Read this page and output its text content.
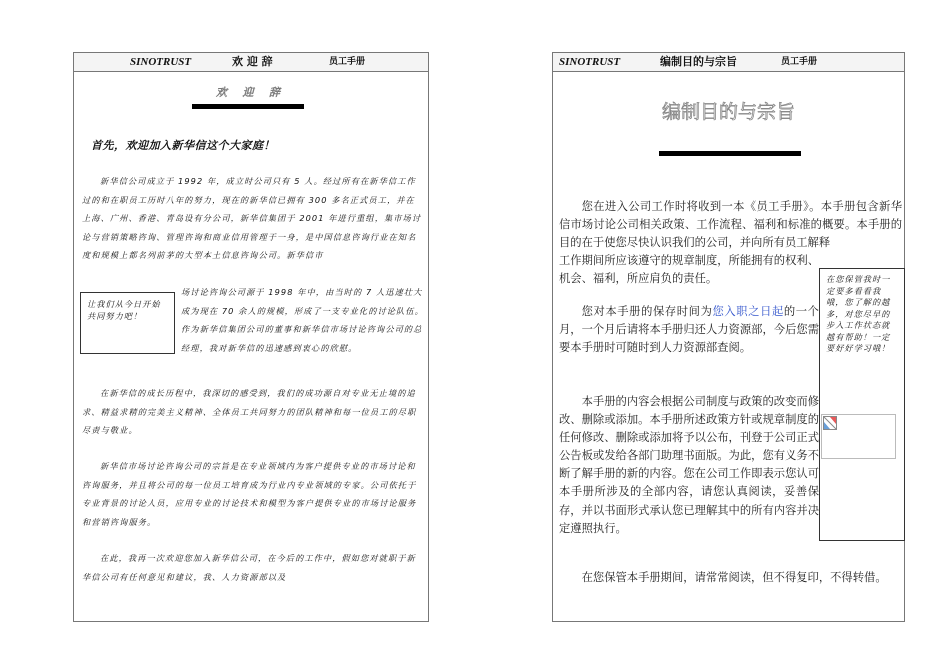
SINOTRUST	欢 迎 辞	员工手册
欢 迎 辞
首先，欢迎加入新华信这个大家庭！

新华信公司成立于 1992 年，成立时公司只有 5 人。经过所有在新华信工作过的和在职员工历时八年的努力，现在的新华信已拥有 300 多名正式员工，并在上海、广州、香港、青岛设有分公司，新华信集团于 2001 年进行重组，集市场讨论与营销策略咨询、管理咨询和商业信用管理于一身，是中国信息咨询行业在知名度和规模上都名列前茅的大型本土信息咨询公司。新华信市

场讨论咨询公司源于 1998 年中，由当时的 7 人迅速壮大成为现在 70 余人的规模，形成了一支专业化的讨论队伍。作为新华信集团公司的董事和新华信市场讨论咨询公司的总经理，我对新华信的迅速感到衷心的欣慰。

让我们从今日开始共同努力吧！

在新华信的成长历程中，我深切的感受到，我们的成功源自对专业无止境的追求、精益求精的完美主义精神、全体员工共同努力的团队精神和每一位员工的尽职尽责与敬业。

新华信市场讨论咨询公司的宗旨是在专业领域内为客户提供专业的市场讨论和咨询服务，并且将公司的每一位员工培育成为行业内专业领域的专家。公司依托于专业背景的讨论人员，应用专业的讨论技术和模型为客户提供专业的市场讨论服务和营销咨询服务。

在此，我再一次欢迎您加入新华信公司，在今后的工作中，假如您对就职于新华信公司有任何意见和建议，我、人力资源部以及

SINOTRUST	编制目的与宗旨	员工手册
编制目的与宗旨

您在进入公司工作时将收到一本《员工手册》。本手册包含新华信市场讨论公司相关政策、工作流程、福利和标准的概要。本手册的目的在于使您尽快认识我们的公司，并向所有员工解释

工作期间所应该遵守的规章制度，所能拥有的权利、机会、福利，所应肩负的责任。

您对本手册的保存时间为您入职之日起的一个月，一个月后请将本手册归还人力资源部，今后您需要本手册时可随时到人力资源部查阅。

本手册的内容会根据公司制度与政策的改变而修改、删除或添加。本手册所述政策方针或规章制度的任何修改、删除或添加将予以公布，刊登于公司正式公告板或发给各部门助理书面版。为此，您有义务不断了解手册的新的内容。您在公司工作即表示您认可本手册所涉及的全部内容，请您认真阅读，妥善保存，并以书面形式承认您已理解其中的所有内容并决定遵照执行。

在您保管本手册期间，请常常阅读，但不得复印，不得转借。

在您保管我时一定要多看看我哦，您了解的越多，对您尽早的步入工作状态就越有帮助！一定要好好学习哦！
